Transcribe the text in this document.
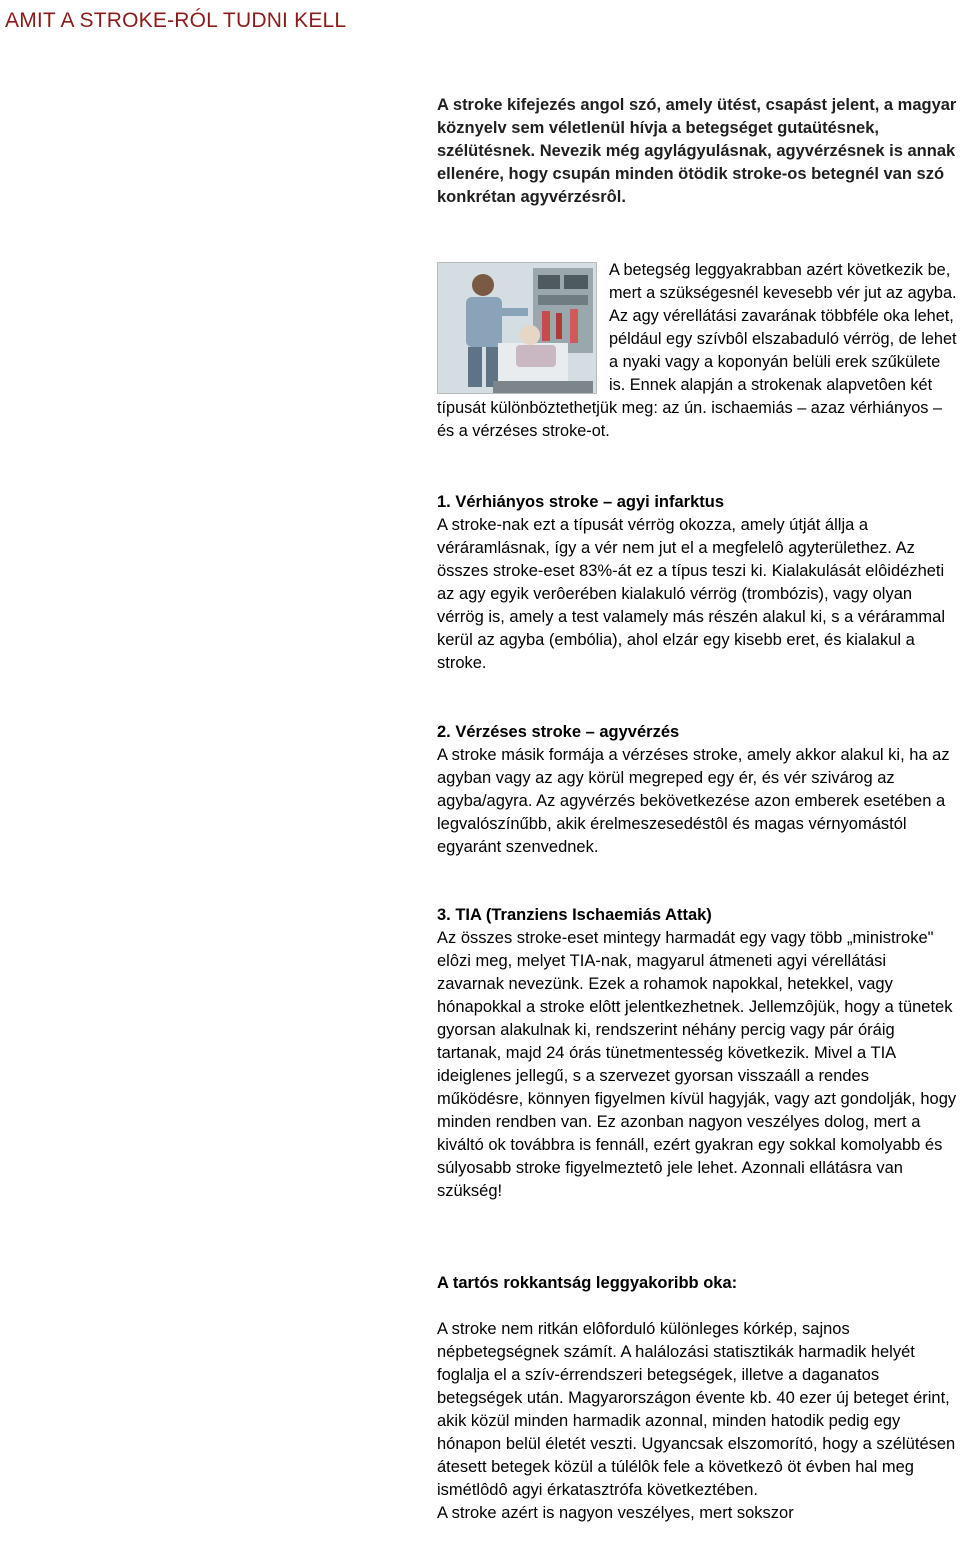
AMIT A STROKE-RÓL TUDNI KELL
A stroke kifejezés angol szó, amely ütést, csapást jelent, a magyar köznyelv sem véletlenül hívja a betegséget gutaütésnek, szélütésnek. Nevezik még agylágyulásnak, agyvérzésnek is annak ellenére, hogy csupán minden ötödik stroke-os betegnél van szó konkrétan agyvérzésrôl.
A betegség leggyakrabban azért következik be, mert a szükségesnél kevesebb vér jut az agyba. Az agy vérellátási zavarának többféle oka lehet, például egy szívbôl elszabaduló vérrög, de lehet a nyaki vagy a koponyán belüli erek szűkülete is. Ennek alapján a strokenak alapvetôen két típusát különböztethetjük meg: az ún. ischaemiás – azaz vérhiányos – és a vérzéses stroke-ot.
1. Vérhiányos stroke – agyi infarktus
A stroke-nak ezt a típusát vérrög okozza, amely útját állja a véráramlásnak, így a vér nem jut el a megfelelô agyterülethez. Az összes stroke-eset 83%-át ez a típus teszi ki. Kialakulását elôidézheti az agy egyik verôerében kialakuló vérrög (trombózis), vagy olyan vérrög is, amely a test valamely más részén alakul ki, s a vérárammal kerül az agyba (embólia), ahol elzár egy kisebb eret, és kialakul a stroke.
2. Vérzéses stroke – agyvérzés
A stroke másik formája a vérzéses stroke, amely akkor alakul ki, ha az agyban vagy az agy körül megreped egy ér, és vér szivárog az agyba/agyra. Az agyvérzés bekövetkezése azon emberek esetében a legvalószínűbb, akik érelmeszesedéstôl és magas vérnyomástól egyaránt szenvednek.
3. TIA (Tranziens Ischaemiás Attak)
Az összes stroke-eset mintegy harmadát egy vagy több „ministroke" elôzi meg, melyet TIA-nak, magyarul átmeneti agyi vérellátási zavarnak nevezünk. Ezek a rohamok napokkal, hetekkel, vagy hónapokkal a stroke elôtt jelentkezhetnek. Jellemzôjük, hogy a tünetek gyorsan alakulnak ki, rendszerint néhány percig vagy pár óráig tartanak, majd 24 órás tünetmentesség következik. Mivel a TIA ideiglenes jellegű, s a szervezet gyorsan visszaáll a rendes működésre, könnyen figyelmen kívül hagyják, vagy azt gondolják, hogy minden rendben van. Ez azonban nagyon veszélyes dolog, mert a kiváltó ok továbbra is fennáll, ezért gyakran egy sokkal komolyabb és súlyosabb stroke figyelmeztetô jele lehet. Azonnali ellátásra van szükség!
A tartós rokkantság leggyakoribb oka:
A stroke nem ritkán elôforduló különleges kórkép, sajnos népbetegségnek számít. A halálozási statisztikák harmadik helyét foglalja el a szív-érrendszeri betegségek, illetve a daganatos betegségek után. Magyarországon évente kb. 40 ezer új beteget érint, akik közül minden harmadik azonnal, minden hatodik pedig egy hónapon belül életét veszti. Ugyancsak elszomorító, hogy a szélütésen átesett betegek közül a túlélôk fele a következô öt évben hal meg ismétlôdô agyi érkatasztrófa következtében.
A stroke azért is nagyon veszélyes, mert sokszor
